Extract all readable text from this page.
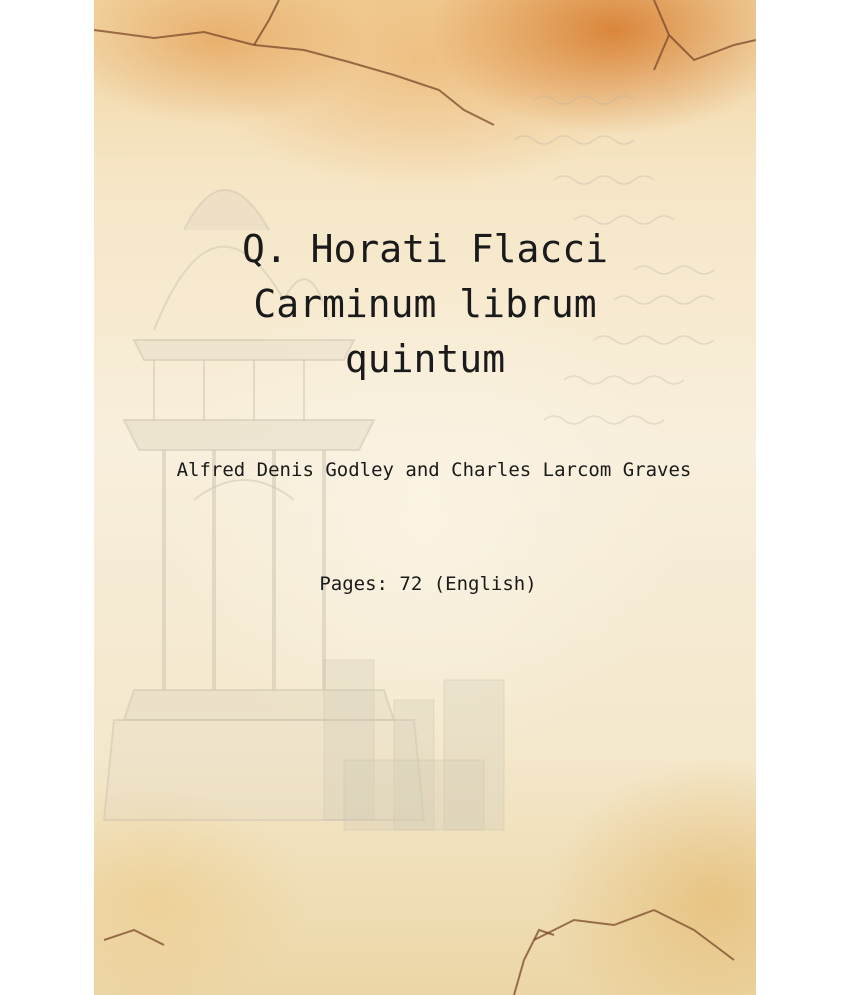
Q. Horati Flacci
Carminum librum
quintum
Alfred Denis Godley and Charles Larcom Graves
Pages: 72 (English)
